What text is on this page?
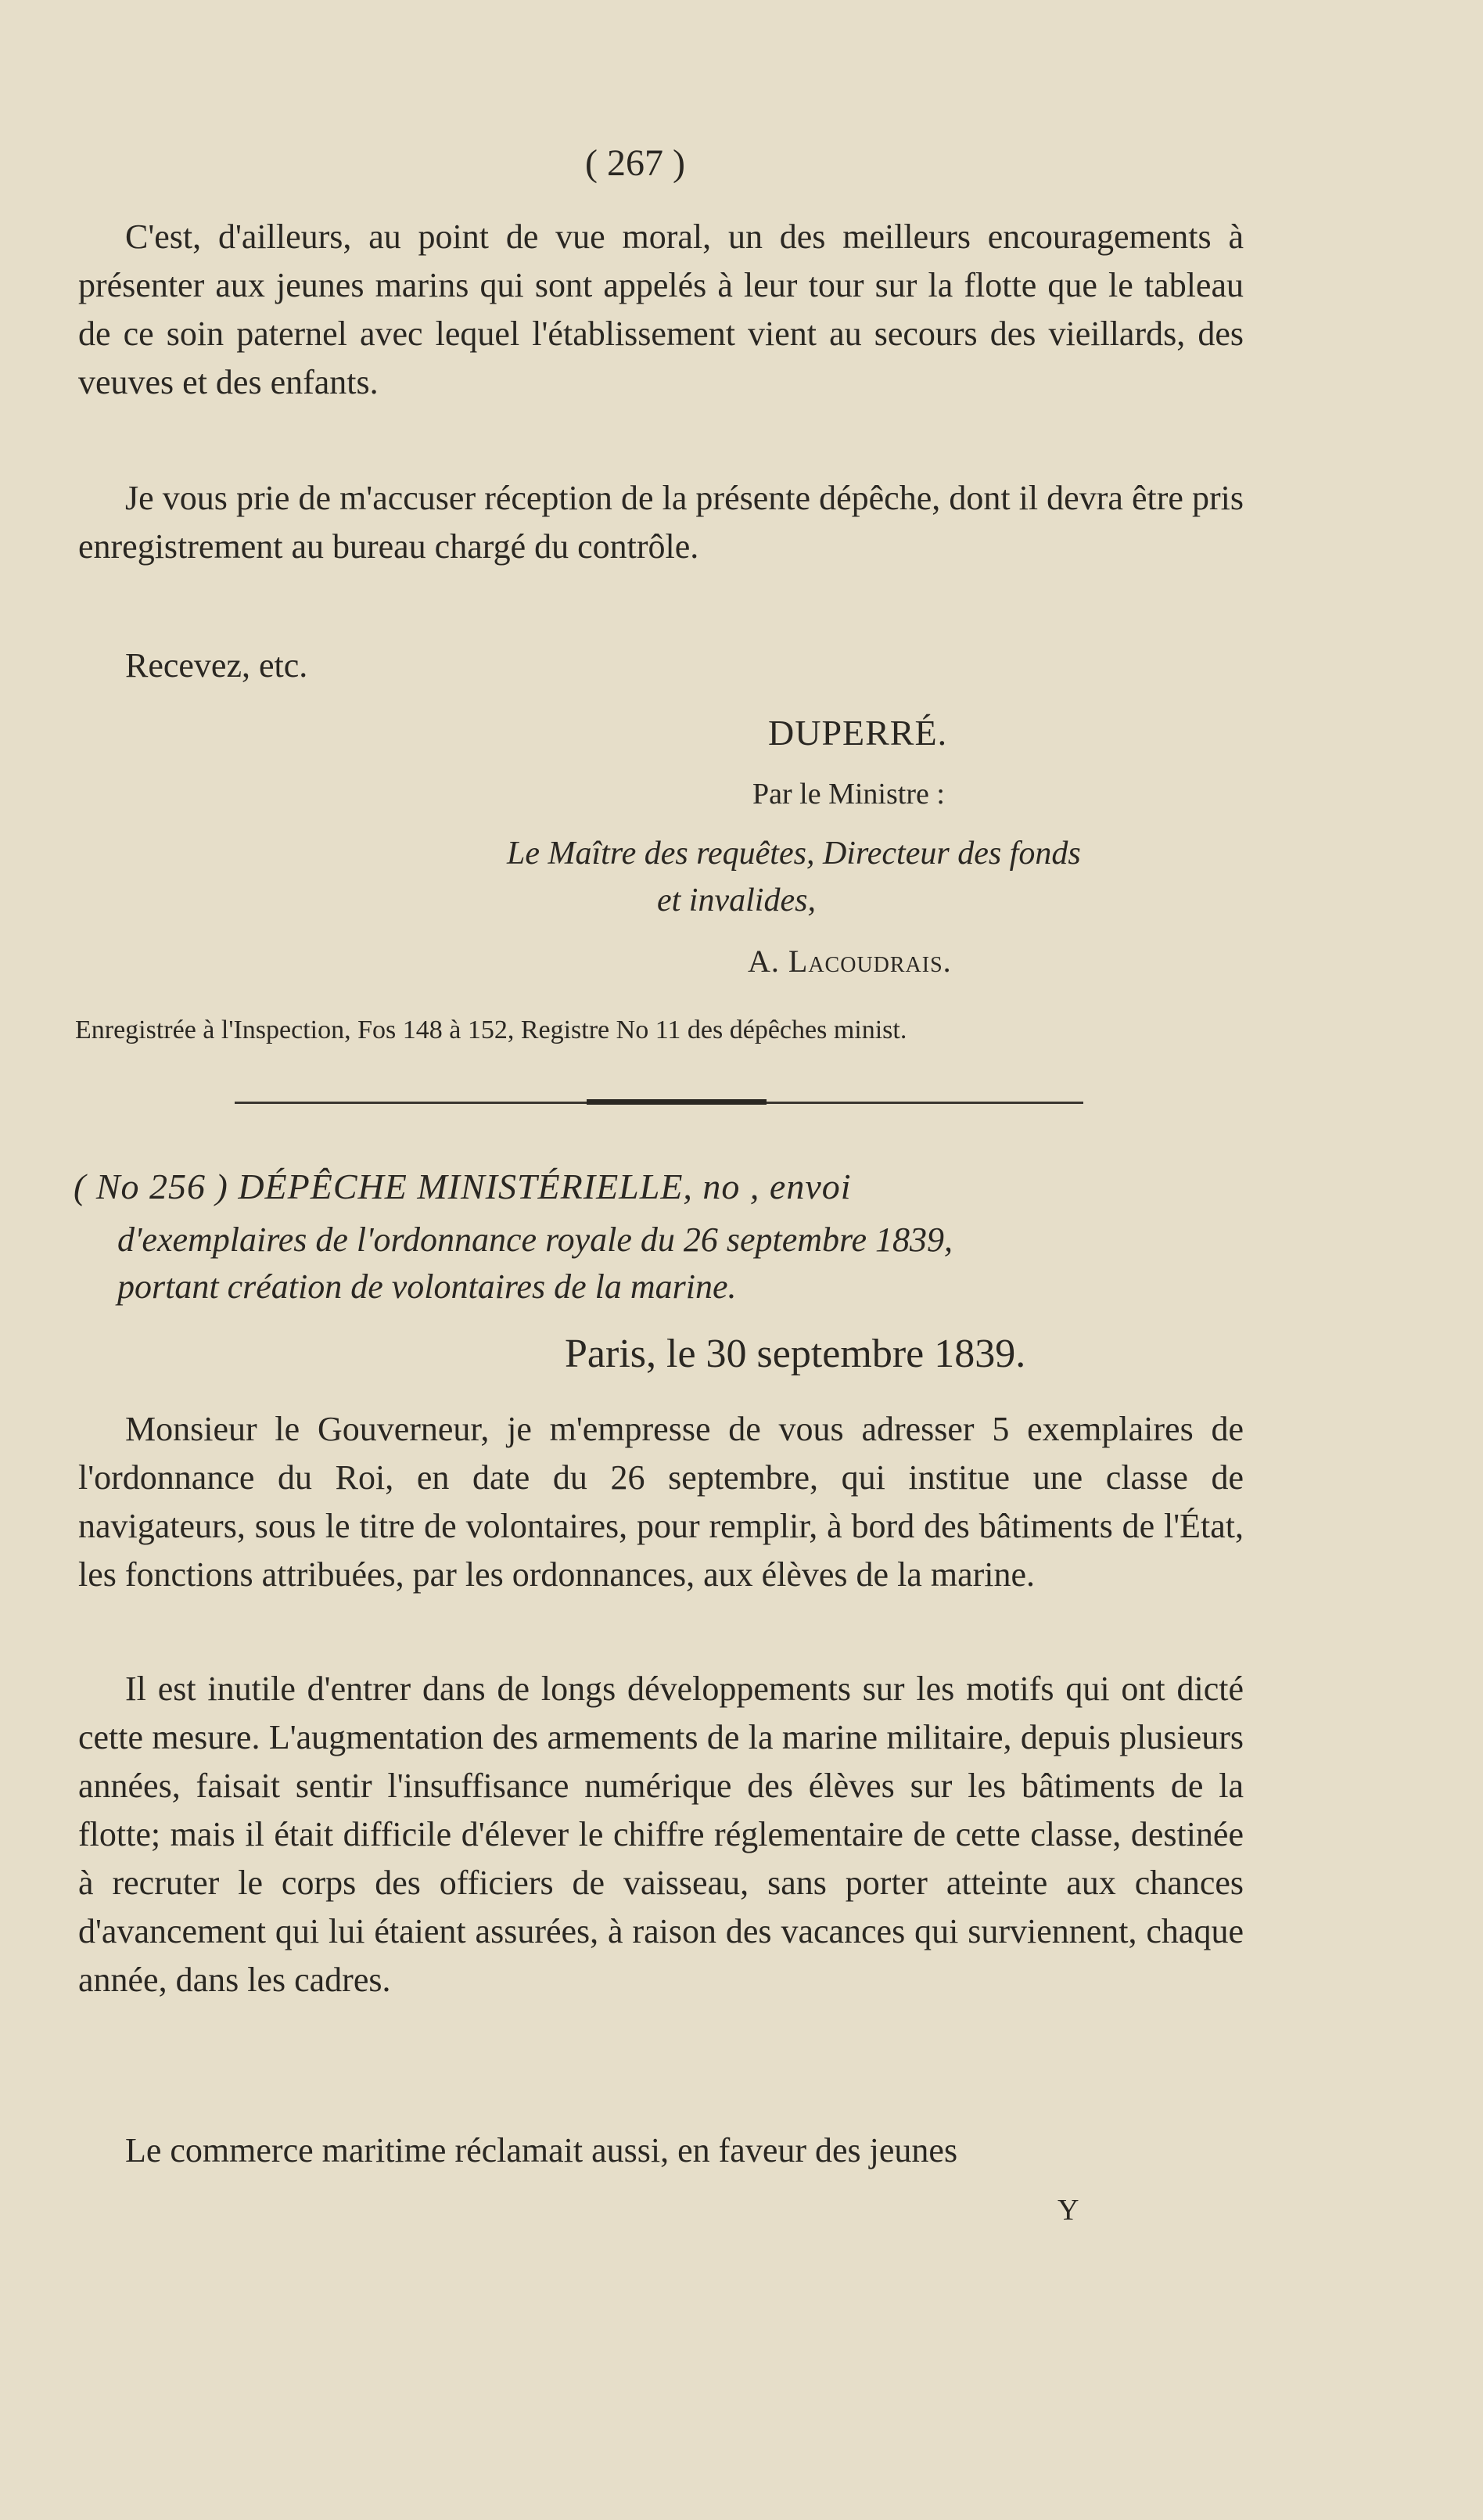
( 267 )
C'est, d'ailleurs, au point de vue moral, un des meilleurs encouragements à présenter aux jeunes marins qui sont appelés à leur tour sur la flotte que le tableau de ce soin paternel avec lequel l'établissement vient au secours des vieillards, des veuves et des enfants.
Je vous prie de m'accuser réception de la présente dépêche, dont il devra être pris enregistrement au bureau chargé du contrôle.
Recevez, etc.
DUPERRÉ.
Par le Ministre :
Le Maître des requêtes, Directeur des fonds
et invalides,
A. Lacoudrais.
Enregistrée à l'Inspection, Fos 148 à 152, Registre No 11 des dépêches minist.
( No 256 ) DÉPÊCHE MINISTÉRIELLE, no , envoi
d'exemplaires de l'ordonnance royale du 26 septembre 1839,
portant création de volontaires de la marine.
Paris, le 30 septembre 1839.
Monsieur le Gouverneur, je m'empresse de vous adresser 5 exemplaires de l'ordonnance du Roi, en date du 26 septembre, qui institue une classe de navigateurs, sous le titre de volontaires, pour remplir, à bord des bâtiments de l'État, les fonctions attribuées, par les ordonnances, aux élèves de la marine.
Il est inutile d'entrer dans de longs développements sur les motifs qui ont dicté cette mesure. L'augmentation des armements de la marine militaire, depuis plusieurs années, faisait sentir l'insuffisance numérique des élèves sur les bâtiments de la flotte; mais il était difficile d'élever le chiffre réglementaire de cette classe, destinée à recruter le corps des officiers de vaisseau, sans porter atteinte aux chances d'avancement qui lui étaient assurées, à raison des vacances qui surviennent, chaque année, dans les cadres.
Le commerce maritime réclamait aussi, en faveur des jeunes
Y
